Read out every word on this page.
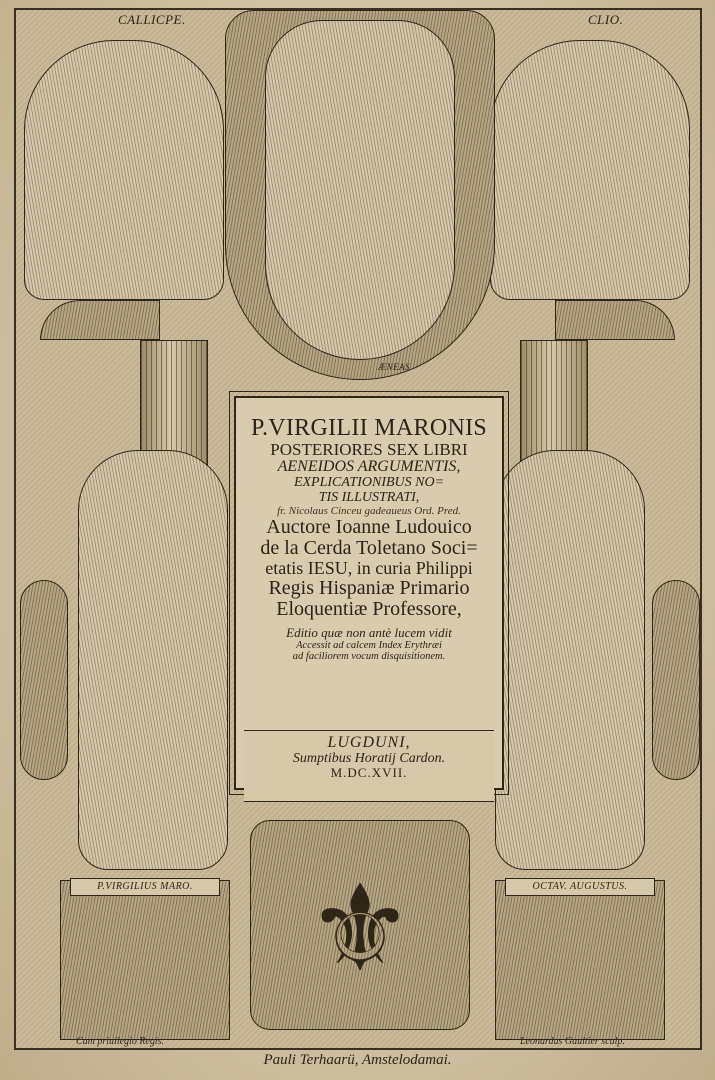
CALLICPE.	CLIO.
ÆNEAS
P.VIRGILII MARONIS
POSTERIORES SEX LIBRI
AENEIDOS ARGUMENTIS,
EXPLICATIONIBUS NO=
TIS ILLUSTRATI,
fr. Nicolaus Cinceu gadeaueus Ord. Pred.
Auctore Ioanne Ludouico
de la Cerda Toletano Soci=
etatis IESU, in curia Philippi
Regis Hispaniæ Primario
Eloquentiæ Professore,
Editio quæ non antè lucem vidit
Accessit ad calcem Index Erythræi
ad faciliorem vocum disquisitionem.
LUGDUNI,
Sumptibus Horatij Cardon.
M.DC.XVII.
P.VIRGILIUS MARO.	OCTAV. AUGUSTUS.
⚜
Cum priuilegio Regis.	Leonardus Gaultier sculp.
Pauli Terhaarü, Amstelodamai.
